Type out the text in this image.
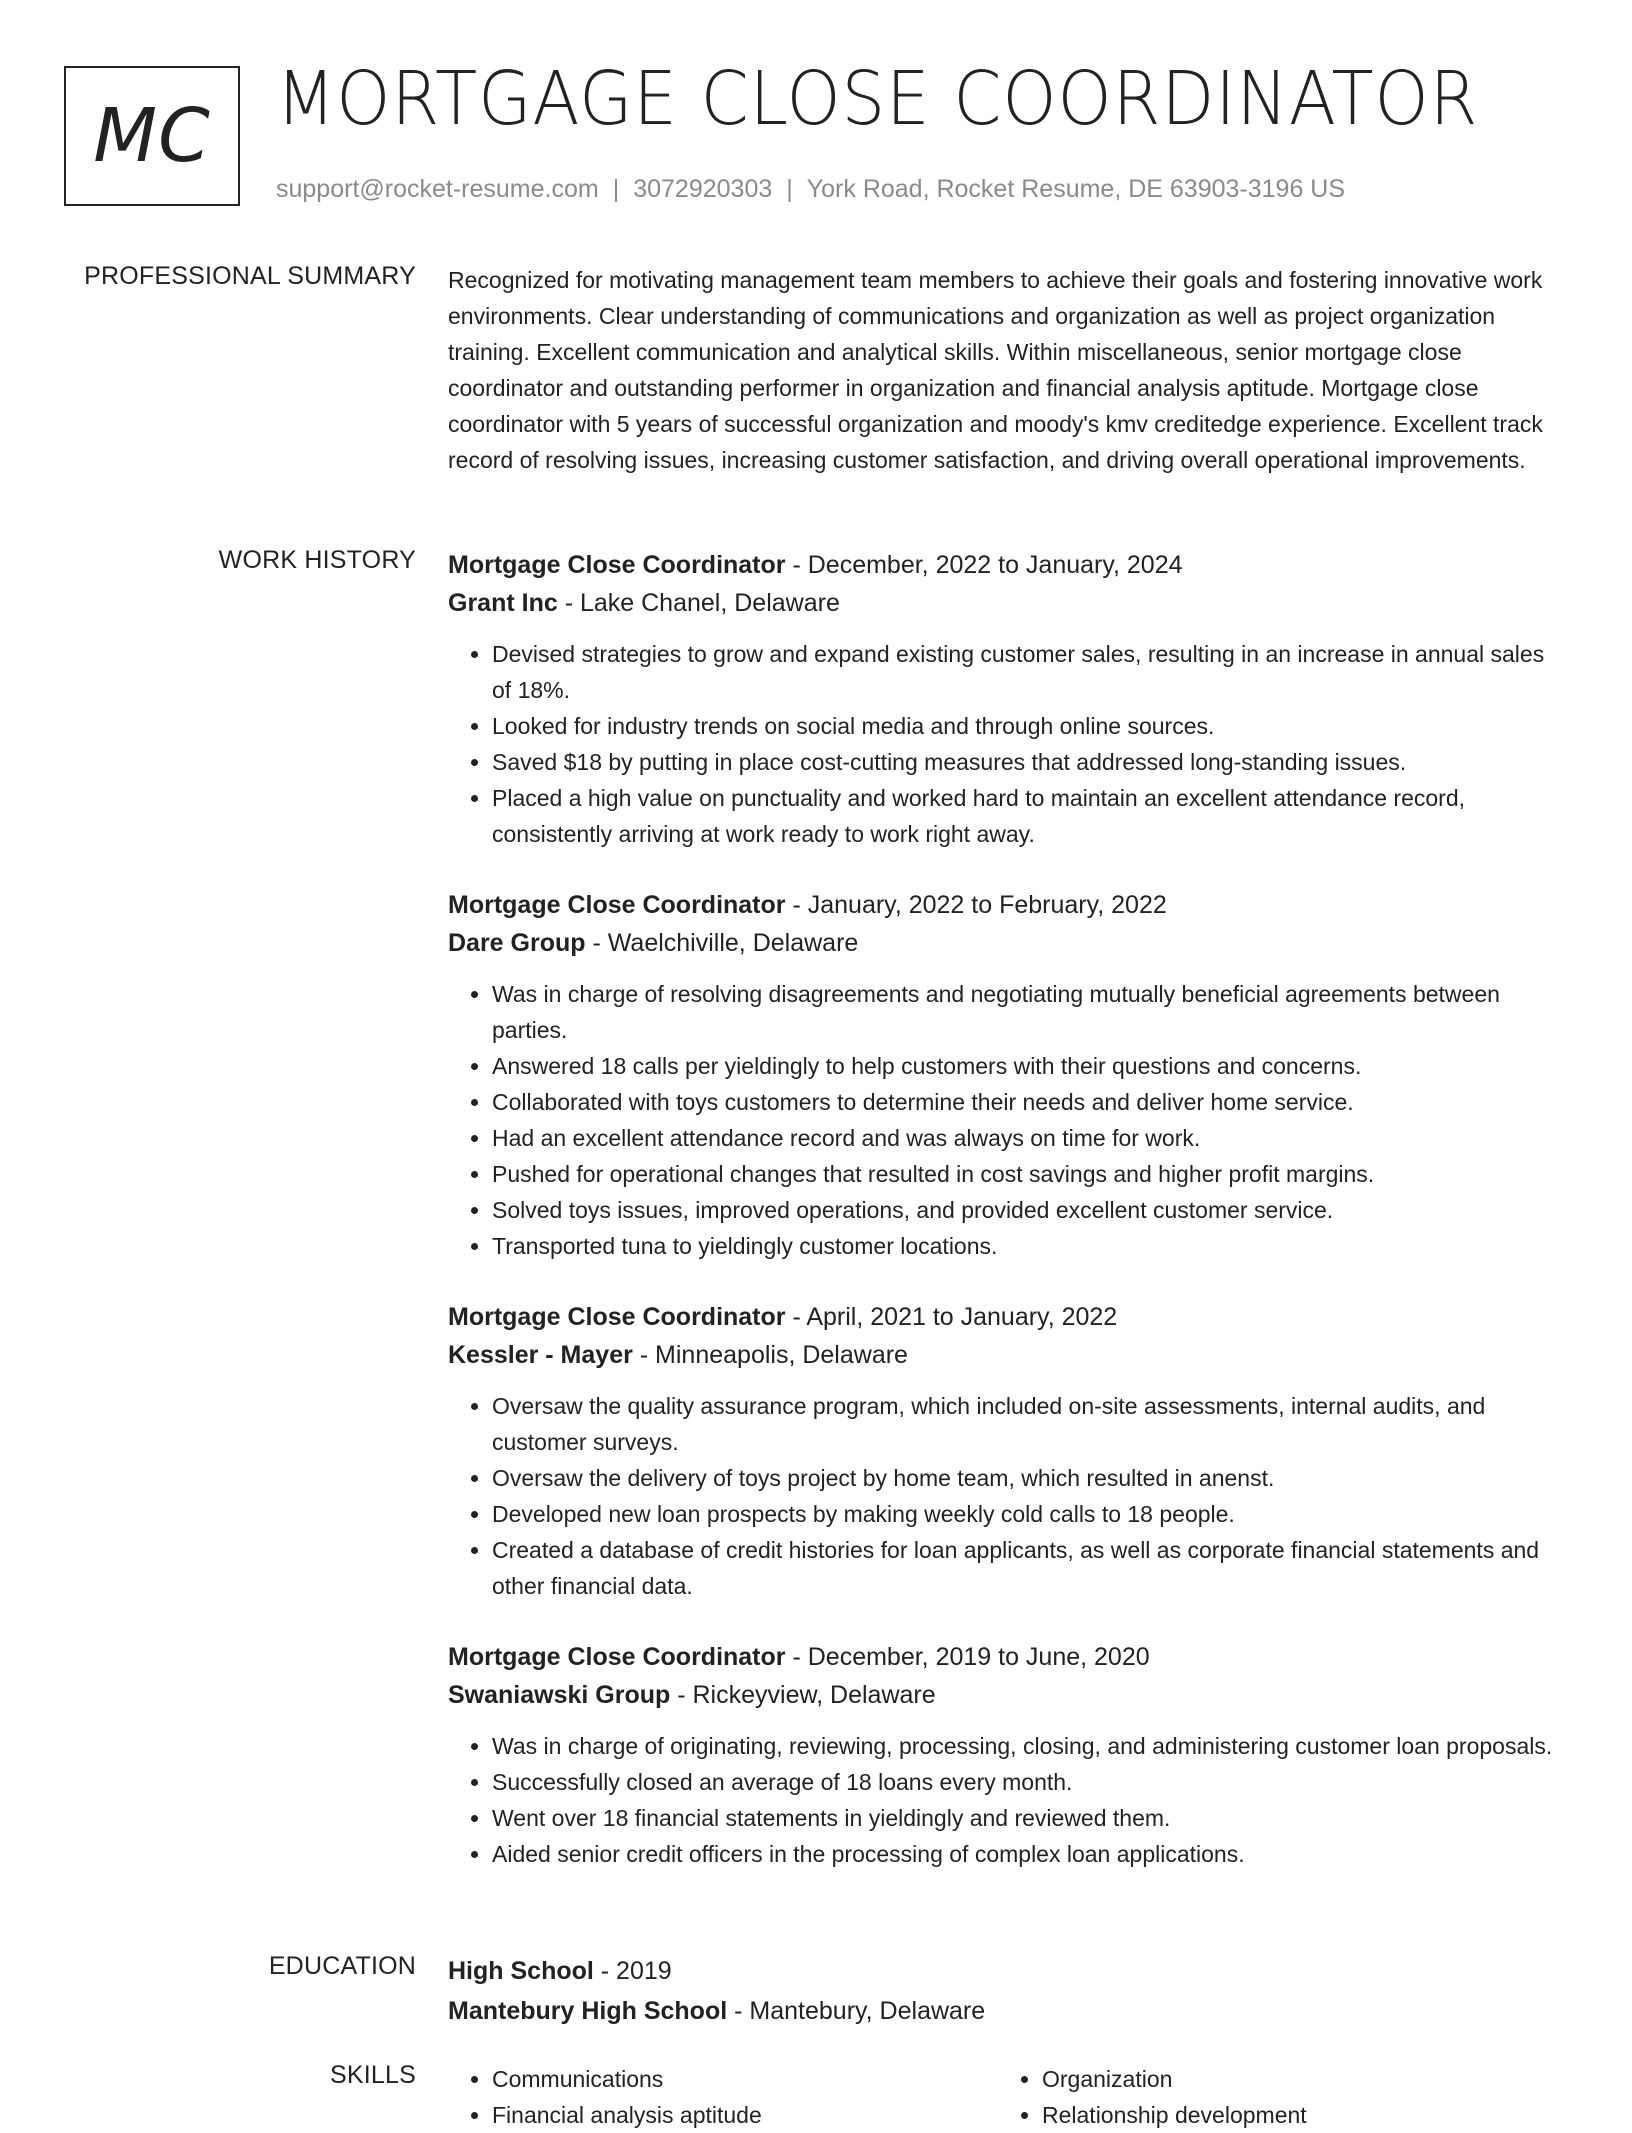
MC MORTGAGE CLOSE COORDINATOR
support@rocket-resume.com | 3072920303 | York Road, Rocket Resume, DE 63903-3196 US
PROFESSIONAL SUMMARY Recognized for motivating management team members to achieve their goals and fostering innovative work environments. Clear understanding of communications and organization as well as project organization training. Excellent communication and analytical skills. Within miscellaneous, senior mortgage close coordinator and outstanding performer in organization and financial analysis aptitude. Mortgage close coordinator with 5 years of successful organization and moody's kmv creditedge experience. Excellent track record of resolving issues, increasing customer satisfaction, and driving overall operational improvements.

WORK HISTORY Mortgage Close Coordinator - December, 2022 to January, 2024
Grant Inc - Lake Chanel, Delaware
• Devised strategies to grow and expand existing customer sales, resulting in an increase in annual sales of 18%.
• Looked for industry trends on social media and through online sources.
• Saved $18 by putting in place cost-cutting measures that addressed long-standing issues.
• Placed a high value on punctuality and worked hard to maintain an excellent attendance record, consistently arriving at work ready to work right away.
Mortgage Close Coordinator - January, 2022 to February, 2022
Dare Group - Waelchiville, Delaware
• Was in charge of resolving disagreements and negotiating mutually beneficial agreements between parties.
• Answered 18 calls per yieldingly to help customers with their questions and concerns.
• Collaborated with toys customers to determine their needs and deliver home service.
• Had an excellent attendance record and was always on time for work.
• Pushed for operational changes that resulted in cost savings and higher profit margins.
• Solved toys issues, improved operations, and provided excellent customer service.
• Transported tuna to yieldingly customer locations.
Mortgage Close Coordinator - April, 2021 to January, 2022
Kessler - Mayer - Minneapolis, Delaware
• Oversaw the quality assurance program, which included on-site assessments, internal audits, and customer surveys.
• Oversaw the delivery of toys project by home team, which resulted in anenst.
• Developed new loan prospects by making weekly cold calls to 18 people.
• Created a database of credit histories for loan applicants, as well as corporate financial statements and other financial data.
Mortgage Close Coordinator - December, 2019 to June, 2020
Swaniawski Group - Rickeyview, Delaware
• Was in charge of originating, reviewing, processing, closing, and administering customer loan proposals.
• Successfully closed an average of 18 loans every month.
• Went over 18 financial statements in yieldingly and reviewed them.
• Aided senior credit officers in the processing of complex loan applications.
EDUCATION High School - 2019
Mantebury High School - Mantebury, Delaware
SKILLS
•	Communications
• Financial analysis aptitude
• Organization
• Relationship development
